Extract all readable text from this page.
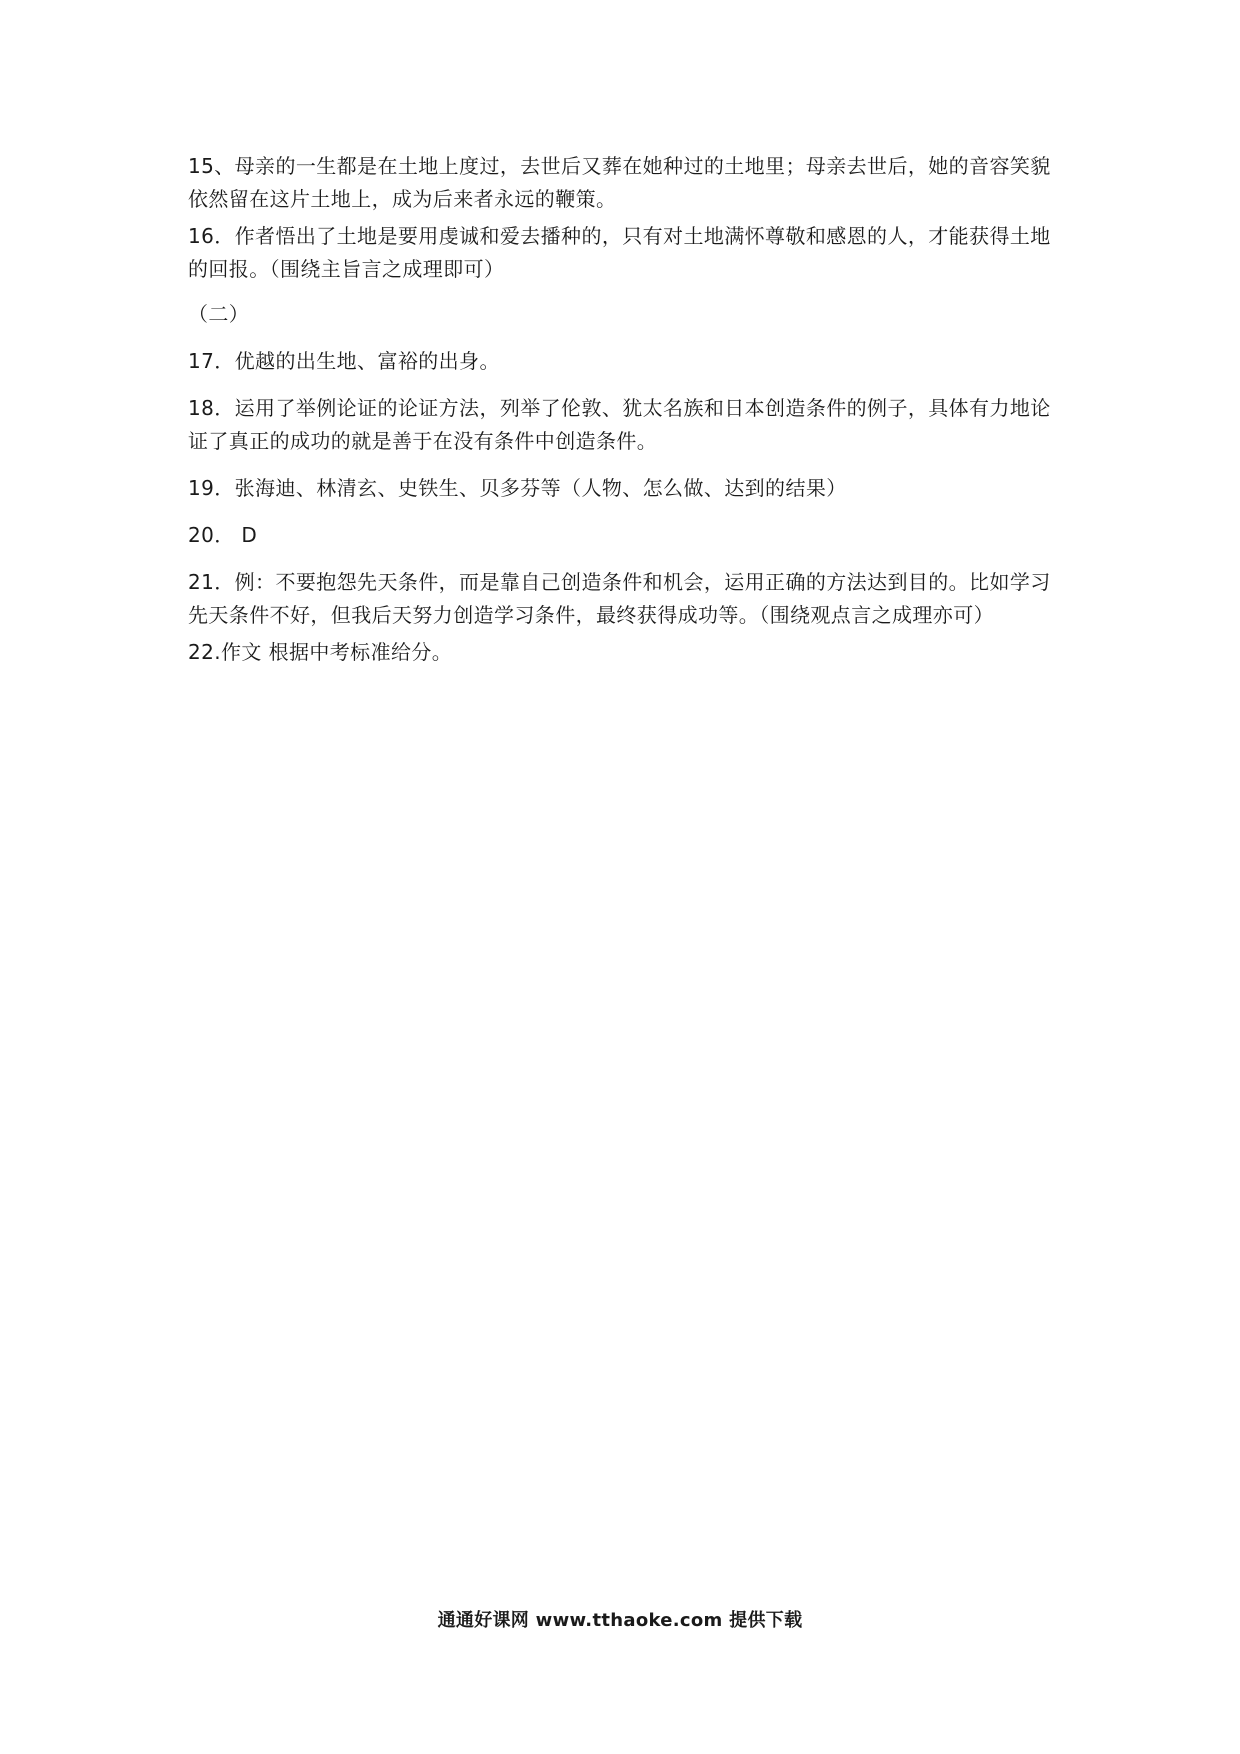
15、母亲的一生都是在土地上度过，去世后又葬在她种过的土地里；母亲去世后，她的音容笑貌依然留在这片土地上，成为后来者永远的鞭策。

16．作者悟出了土地是要用虔诚和爱去播种的，只有对土地满怀尊敬和感恩的人，才能获得土地的回报。（围绕主旨言之成理即可）

（二）

17．优越的出生地、富裕的出身。

18．运用了举例论证的论证方法，列举了伦敦、犹太名族和日本创造条件的例子，具体有力地论证了真正的成功的就是善于在没有条件中创造条件。

19．张海迪、林清玄、史铁生、贝多芬等（人物、怎么做、达到的结果）

20． D

21．例：不要抱怨先天条件，而是靠自己创造条件和机会，运用正确的方法达到目的。比如学习先天条件不好，但我后天努力创造学习条件，最终获得成功等。（围绕观点言之成理亦可）

22.作文 根据中考标准给分。

通通好课网 www.tthaoke.com 提供下载
